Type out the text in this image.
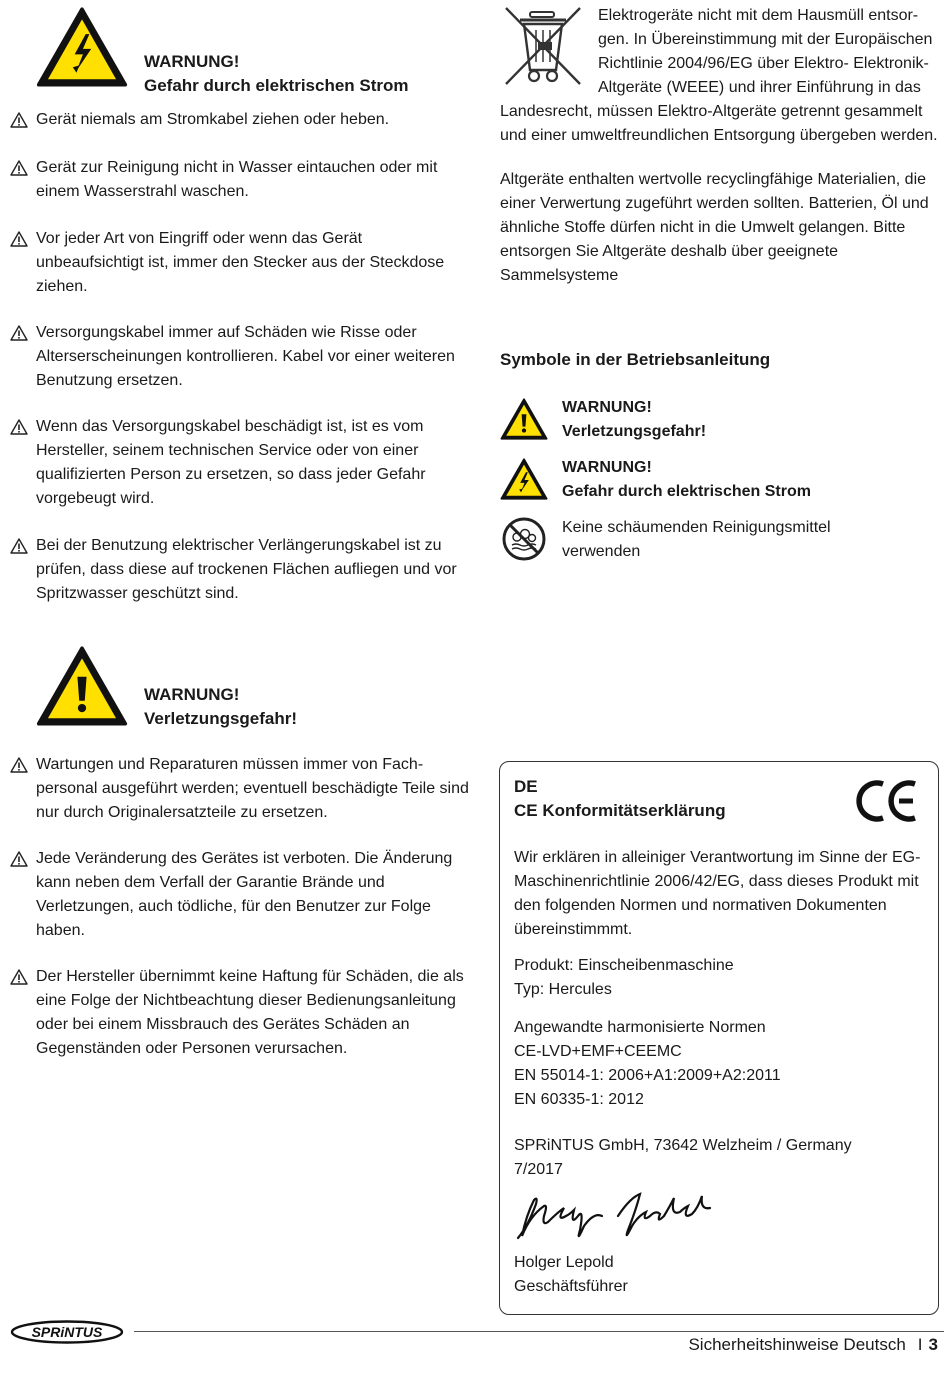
WARNUNG!
Gefahr durch elektrischen Strom
Gerät niemals am Stromkabel ziehen oder heben.
Gerät zur Reinigung nicht in Wasser eintauchen oder mit einem Wasserstrahl waschen.
Vor jeder Art von Eingriff oder wenn das Gerät unbeaufsichtigt ist, immer den Stecker aus der Steckdose ziehen.
Versorgungskabel immer auf Schäden wie Risse oder Alterserscheinungen kontrollieren. Kabel vor einer weiteren Benutzung ersetzen.
Wenn das Versorgungskabel beschädigt ist, ist es vom Hersteller, seinem technischen Service oder von einer qualifizierten Person zu ersetzen, so dass jeder Gefahr vorgebeugt wird.
Bei der Benutzung elektrischer Verlängerungskabel ist zu prüfen, dass diese auf trockenen Flächen aufliegen und vor Spritzwasser geschützt sind.
WARNUNG!
Verletzungsgefahr!
Wartungen und Reparaturen müssen immer von Fach-personal ausgeführt werden; eventuell beschädigte Teile sind nur durch Originalersatzteile zu ersetzen.
Jede Veränderung des Gerätes ist verboten. Die Änderung kann neben dem Verfall der Garantie Brände und Verletzungen, auch tödliche, für den Benutzer zur Folge haben.
Der Hersteller übernimmt keine Haftung für Schäden, die als eine Folge der Nichtbeachtung dieser Bedienungsanleitung oder bei einem Missbrauch des Gerätes Schäden an Gegenständen oder Personen verursachen.
Elektrogeräte nicht mit dem Hausmüll entsor-
gen. In Übereinstimmung mit der Europäischen
Richtlinie 2004/96/EG über Elektro- Elektronik-
Altgeräte (WEEE) und ihrer Einführung in das
Landesrecht, müssen Elektro-Altgeräte getrennt gesammelt
und einer umweltfreundlichen Entsorgung übergeben werden.
Altgeräte enthalten wertvolle recyclingfähige Materialien, die einer Verwertung zugeführt werden sollten. Batterien, Öl und ähnliche Stoffe dürfen nicht in die Umwelt gelangen. Bitte entsorgen Sie Altgeräte deshalb über geeignete Sammelsysteme
Symbole in der Betriebsanleitung
WARNUNG!
Verletzungsgefahr!
WARNUNG!
Gefahr durch elektrischen Strom
Keine schäumenden Reinigungsmittel
verwenden
DE
CE Konformitätserklärung
Wir erklären in alleiniger Verantwortung im Sinne der EG-Maschinenrichtlinie 2006/42/EG, dass dieses Produkt mit den folgenden Normen und normativen Dokumenten übereinstimmmt.
Produkt: Einscheibenmaschine
Typ: Hercules
Angewandte harmonisierte Normen
CE-LVD+EMF+CEEMC
EN 55014-1: 2006+A1:2009+A2:2011
EN 60335-1: 2012
SPRiNTUS GmbH, 73642 Welzheim / Germany
7/2017
Holger Lepold
Geschäftsführer
SPRiNTUS
Sicherheitshinweise Deutsch I 3
